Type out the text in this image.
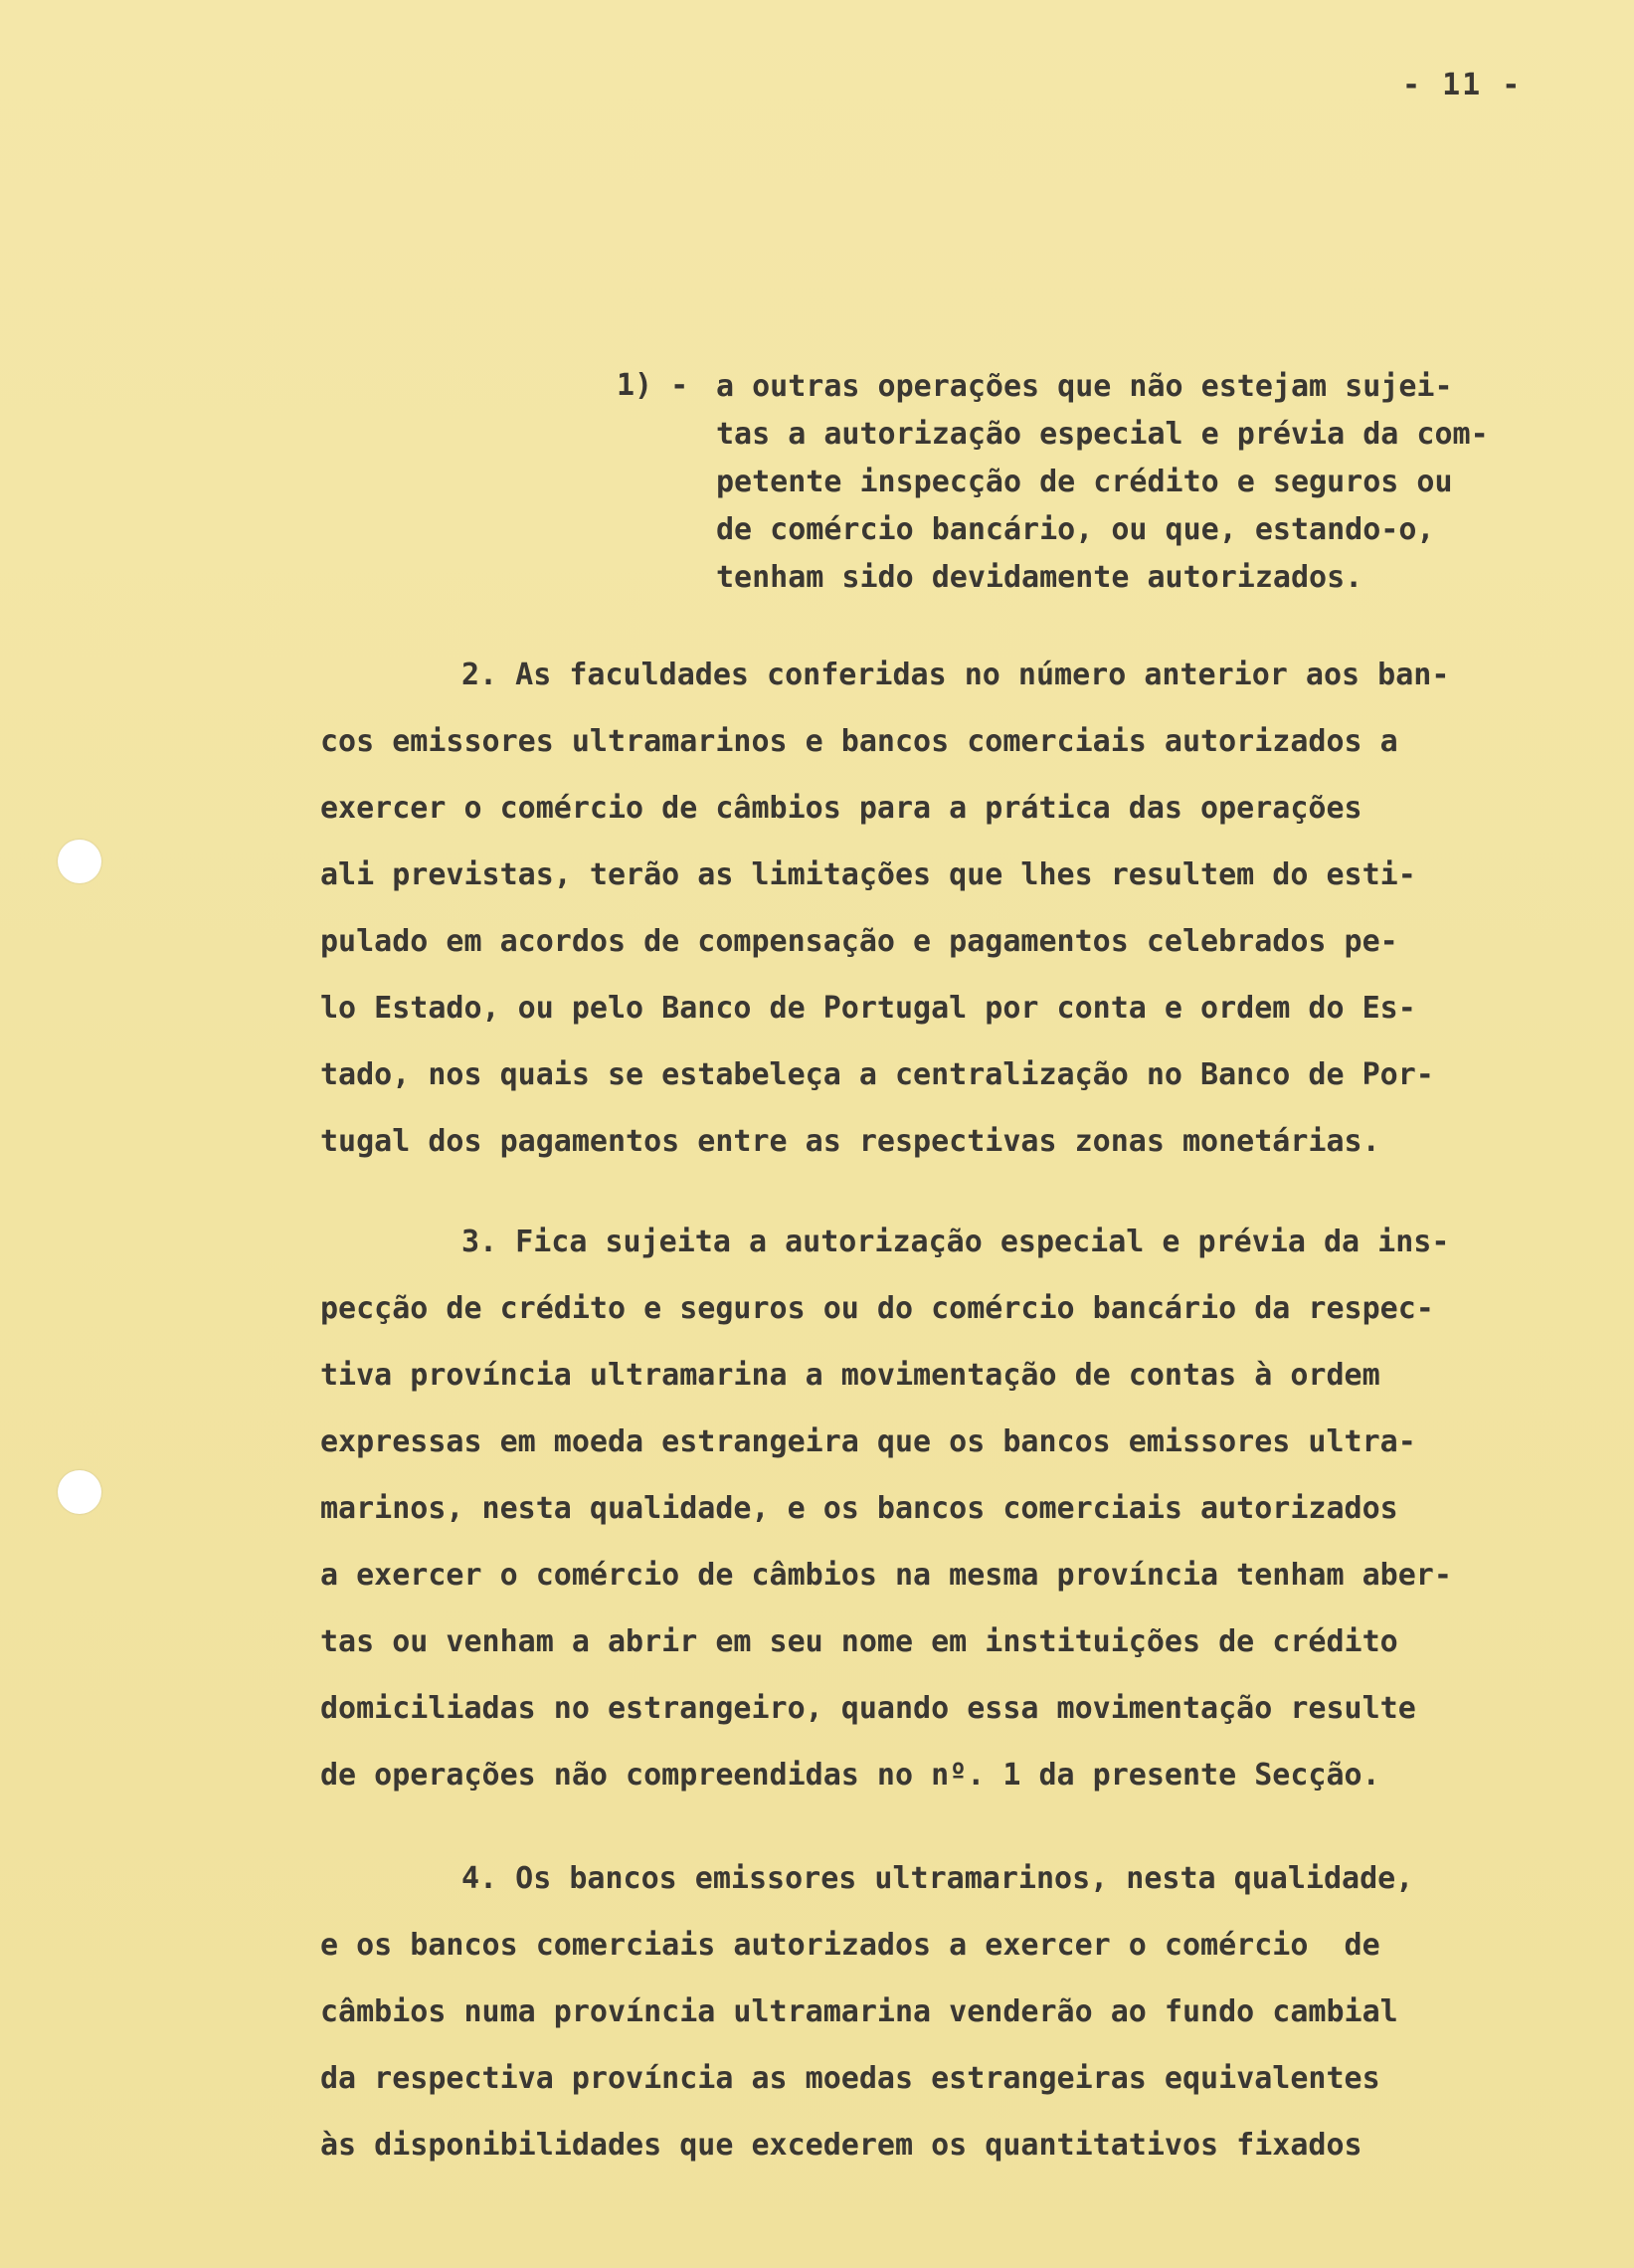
- 11 -
1) - a outras operações que não estejam sujei-
tas a autorização especial e prévia da com-
petente inspecção de crédito e seguros ou
de comércio bancário, ou que, estando-o,
tenham sido devidamente autorizados.
2. As faculdades conferidas no número anterior aos ban-
cos emissores ultramarinos e bancos comerciais autorizados a
exercer o comércio de câmbios para a prática das operações
ali previstas, terão as limitações que lhes resultem do esti-
pulado em acordos de compensação e pagamentos celebrados pe-
lo Estado, ou pelo Banco de Portugal por conta e ordem do Es-
tado, nos quais se estabeleça a centralização no Banco de Por-
tugal dos pagamentos entre as respectivas zonas monetárias.
3. Fica sujeita a autorização especial e prévia da ins-
pecção de crédito e seguros ou do comércio bancário da respec-
tiva província ultramarina a movimentação de contas à ordem
expressas em moeda estrangeira que os bancos emissores ultra-
marinos, nesta qualidade, e os bancos comerciais autorizados
a exercer o comércio de câmbios na mesma província tenham aber-
tas ou venham a abrir em seu nome em instituições de crédito
domiciliadas no estrangeiro, quando essa movimentação resulte
de operações não compreendidas no nº. 1 da presente Secção.
4. Os bancos emissores ultramarinos, nesta qualidade,
e os bancos comerciais autorizados a exercer o comércio  de
câmbios numa província ultramarina venderão ao fundo cambial
da respectiva província as moedas estrangeiras equivalentes
às disponibilidades que excederem os quantitativos fixados
